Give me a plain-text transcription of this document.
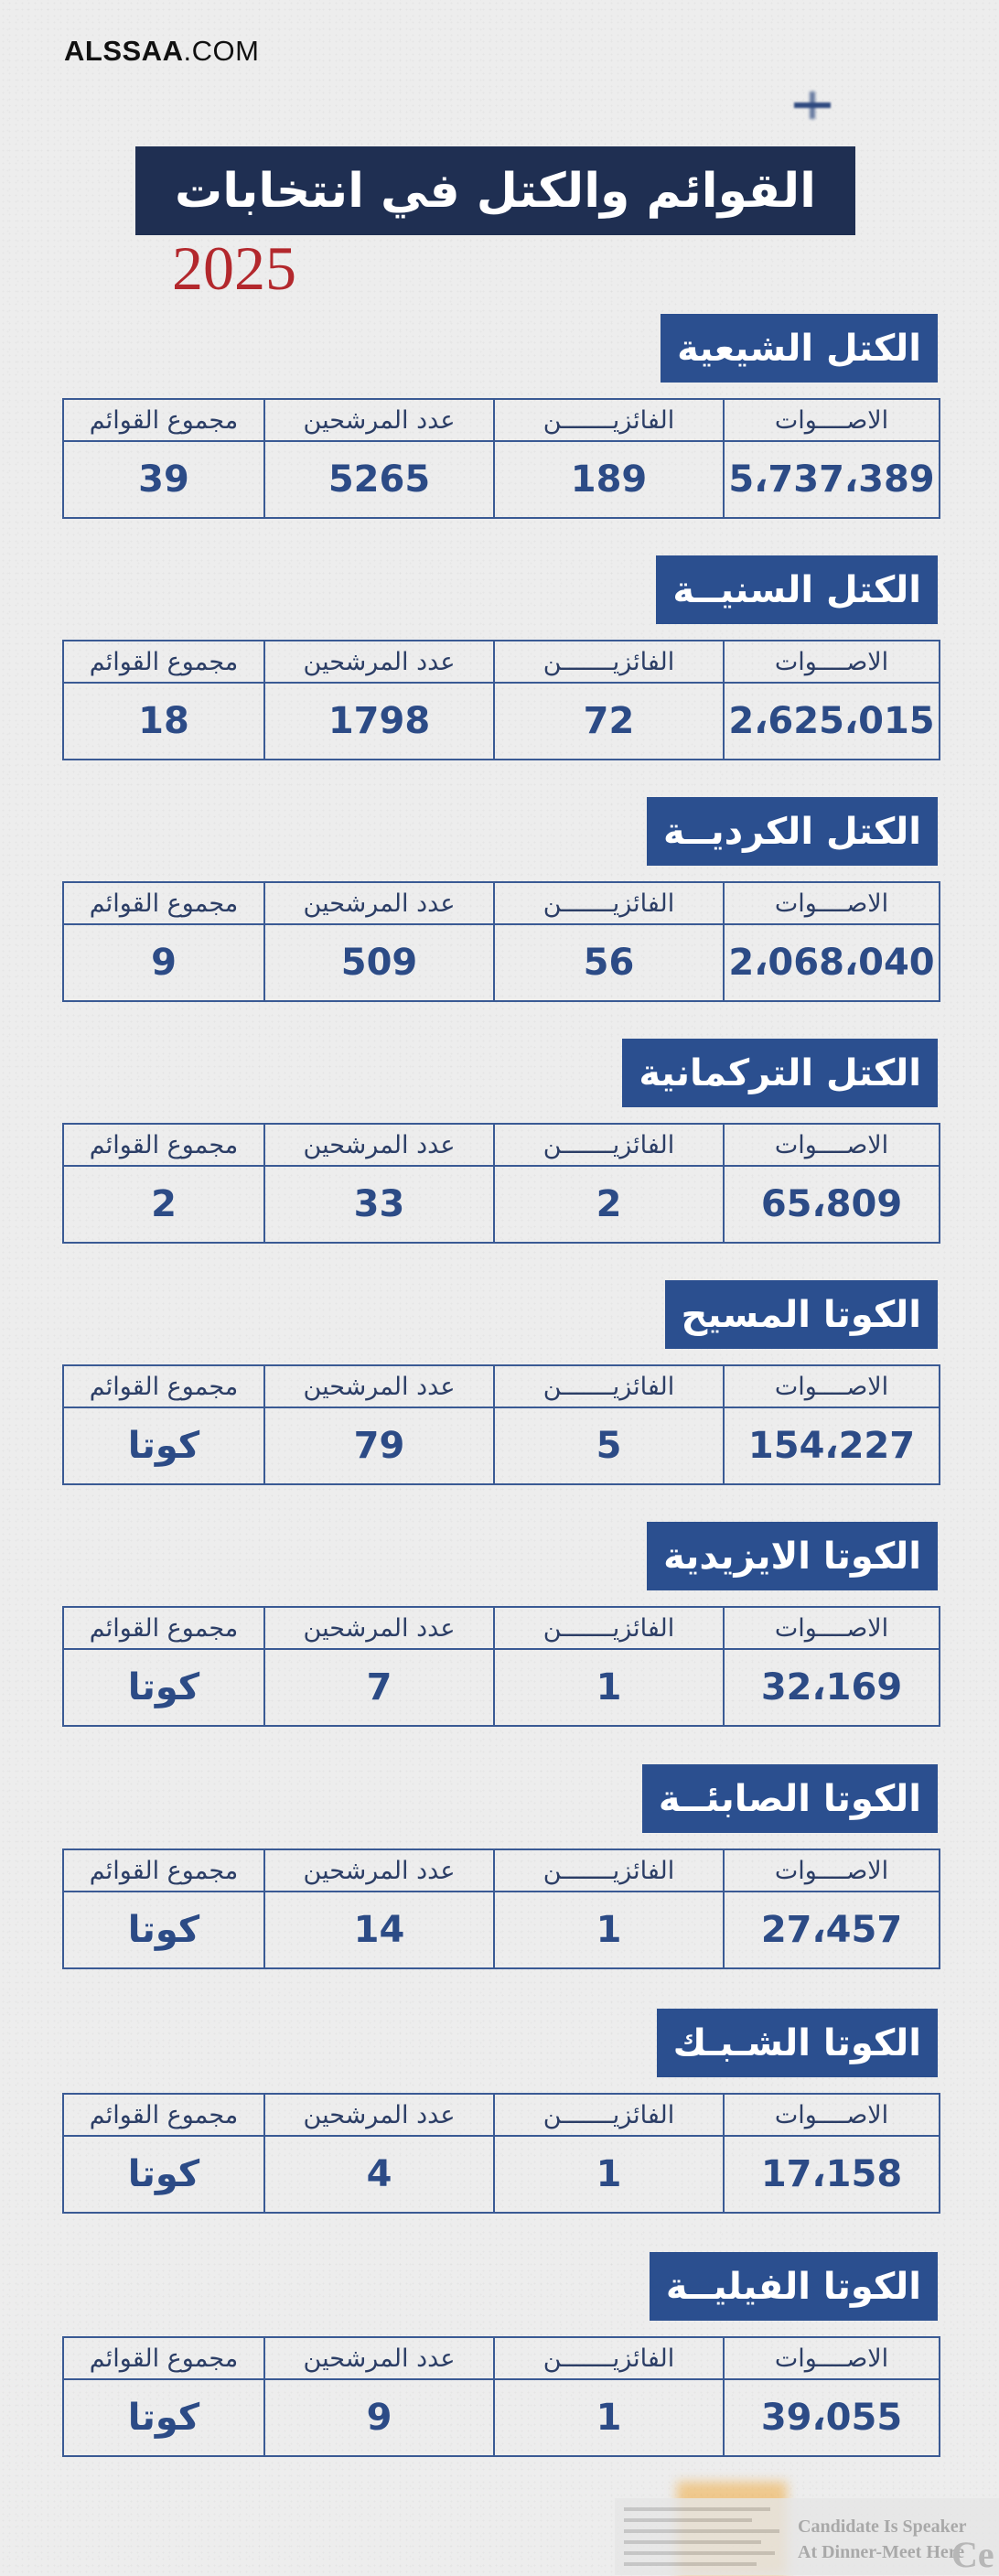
ALSSAA.COM
القوائم والكتل في انتخابات
2025
Candidate Is Speaker
At Dinner-Meet Here
Ce
الكتل الشيعية
الاصــــوات	الفائزيـــــــن	عدد المرشحين	مجموع القوائم
5،737،389	189	5265	39
الكتل السنيــة
الاصــــوات	الفائزيـــــــن	عدد المرشحين	مجموع القوائم
2،625،015	72	1798	18
الكتل الكرديــة
الاصــــوات	الفائزيـــــــن	عدد المرشحين	مجموع القوائم
2،068،040	56	509	9
الكتل التركمانية
الاصــــوات	الفائزيـــــــن	عدد المرشحين	مجموع القوائم
65،809	2	33	2
الكوتا المسيح
الاصــــوات	الفائزيـــــــن	عدد المرشحين	مجموع القوائم
154،227	5	79	كوتا
الكوتا الايزيدية
الاصــــوات	الفائزيـــــــن	عدد المرشحين	مجموع القوائم
32،169	1	7	كوتا
الكوتا الصابئــة
الاصــــوات	الفائزيـــــــن	عدد المرشحين	مجموع القوائم
27،457	1	14	كوتا
الكوتا الشـبـك
الاصــــوات	الفائزيـــــــن	عدد المرشحين	مجموع القوائم
17،158	1	4	كوتا
الكوتا الفيليــة
الاصــــوات	الفائزيـــــــن	عدد المرشحين	مجموع القوائم
39،055	1	9	كوتا
